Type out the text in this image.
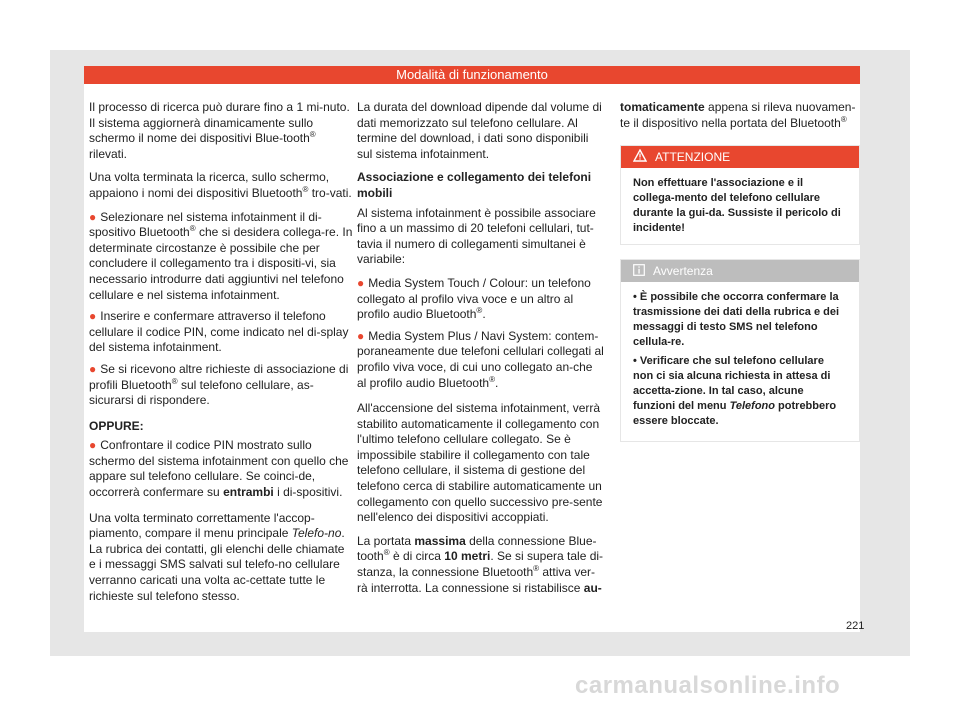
Modalità di funzionamento

Il processo di ricerca può durare fino a 1 mi-nuto. Il sistema aggiornerà dinamicamente sullo schermo il nome dei dispositivi Blue-tooth® rilevati.

Una volta terminata la ricerca, sullo schermo, appaiono i nomi dei dispositivi Bluetooth® tro-vati.

● Selezionare nel sistema infotainment il di-spositivo Bluetooth® che si desidera collega-re. In determinate circostanze è possibile che per concludere il collegamento tra i dispositi-vi, sia necessario introdurre dati aggiuntivi nel telefono cellulare e nel sistema infotainment.

● Inserire e confermare attraverso il telefono cellulare il codice PIN, come indicato nel di-splay del sistema infotainment.

● Se si ricevono altre richieste di associazione di profili Bluetooth® sul telefono cellulare, as-sicurarsi di rispondere.

OPPURE:

● Confrontare il codice PIN mostrato sullo schermo del sistema infotainment con quello che appare sul telefono cellulare. Se coinci-de, occorrerà confermare su entrambi i di-spositivi.

Una volta terminato correttamente l'accop-piamento, compare il menu principale Telefo-no. La rubrica dei contatti, gli elenchi delle chiamate e i messaggi SMS salvati sul telefo-no cellulare verranno caricati una volta ac-cettate tutte le richieste sul telefono stesso.

La durata del download dipende dal volume di dati memorizzato sul telefono cellulare. Al termine del download, i dati sono disponibili sul sistema infotainment.

Associazione e collegamento dei telefoni mobili

Al sistema infotainment è possibile associare fino a un massimo di 20 telefoni cellulari, tut-tavia il numero di collegamenti simultanei è variabile:

● Media System Touch / Colour: un telefono collegato al profilo viva voce e un altro al profilo audio Bluetooth®.

● Media System Plus / Navi System: contem-poraneamente due telefoni cellulari collegati al profilo viva voce, di cui uno collegato an-che al profilo audio Bluetooth®.

All'accensione del sistema infotainment, verrà stabilito automaticamente il collegamento con l'ultimo telefono cellulare collegato. Se è impossibile stabilire il collegamento con tale telefono cellulare, il sistema di gestione del telefono cerca di stabilire automaticamente un collegamento con quello successivo pre-sente nell'elenco dei dispositivi accoppiati.

La portata massima della connessione Blue-tooth® è di circa 10 metri. Se si supera tale di-stanza, la connessione Bluetooth® attiva ver-rà interrotta. La connessione si ristabilisce au-

tomaticamente appena si rileva nuovamen-te il dispositivo nella portata del Bluetooth®

ATTENZIONE
Non effettuare l'associazione e il collega-mento del telefono cellulare durante la gui-da. Sussiste il pericolo di incidente!
Avvertenza
• È possibile che occorra confermare la trasmissione dei dati della rubrica e dei messaggi di testo SMS nel telefono cellula-re.
• Verificare che sul telefono cellulare non ci sia alcuna richiesta in attesa di accetta-zione. In tal caso, alcune funzioni del menu Telefono potrebbero essere bloccate.
221
carmanualsonline.info
